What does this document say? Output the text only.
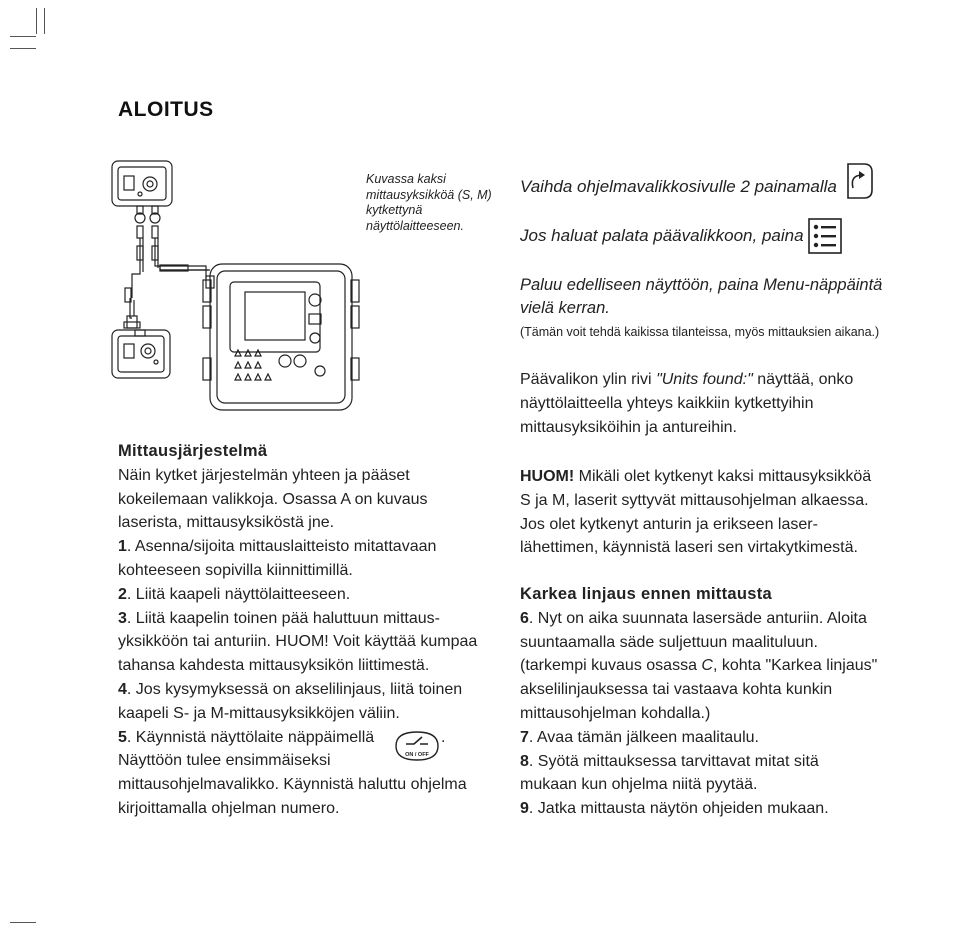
ALOITUS
Kuvassa kaksi mittausyksikköä (S, M) kytkettynä näyttölaitteeseen.
Vaihda ohjelmavalikkosivulle 2 painamalla
Jos haluat palata päävalikkoon, paina
Paluu edelliseen näyttöön, paina Menu-näppäintä
vielä kerran.
(Tämän voit tehdä kaikissa tilanteissa, myös mittauksien aikana.)
Päävalikon ylin rivi "Units found:" näyttää, onko
näyttölaitteella yhteys kaikkiin kytkettyihin
mittausyksiköihin ja antureihin.
HUOM! Mikäli olet kytkenyt kaksi mittausyksikköä
S ja M, laserit syttyvät mittausohjelman alkaessa.
Jos olet kytkenyt anturin ja erikseen laser-
lähettimen, käynnistä laseri sen virtakytkimestä.
Karkea linjaus ennen mittausta
6. Nyt on aika suunnata lasersäde anturiin. Aloita
suuntaamalla säde suljettuun maalituluun.
(tarkempi kuvaus osassa C, kohta "Karkea linjaus"
akselilinjauksessa tai vastaava kohta kunkin
mittausohjelman kohdalla.)
7. Avaa tämän jälkeen maalitaulu.
8. Syötä mittauksessa tarvittavat mitat sitä
mukaan kun ohjelma niitä pyytää.
9. Jatka mittausta näytön ohjeiden mukaan.
Mittausjärjestelmä
Näin kytket järjestelmän yhteen ja pääset
kokeilemaan valikkoja. Osassa A on kuvaus
laserista, mittausyksiköstä jne.
1. Asenna/sijoita mittauslaitteisto mitattavaan
kohteeseen sopivilla kiinnittimillä.
2. Liitä kaapeli näyttölaitteeseen.
3. Liitä kaapelin toinen pää haluttuun mittaus-
yksikköön tai anturiin. HUOM! Voit käyttää kumpaa
tahansa kahdesta mittausyksikön liittimestä.
4. Jos kysymyksessä on akselilinjaus, liitä toinen
kaapeli S- ja M-mittausyksikköjen väliin.
5. Käynnistä näyttölaite näppäimellä	.
Näyttöön tulee ensimmäiseksi
mittausohjelmavalikko. Käynnistä haluttu ohjelma
kirjoittamalla ohjelman numero.
ON / OFF
